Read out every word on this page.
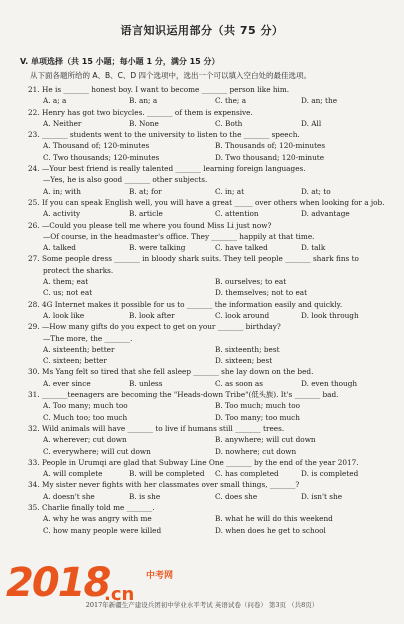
语言知识运用部分（共 75 分）
V. 单项选择（共 15 小题；每小题 1 分，满分 15 分）
从下面各题所给的 A、B、C、D 四个选项中，选出一个可以填入空白处的最佳选项。
21. He is _______ honest boy. I want to become _______ person like him.
A. a; a	B. an; a	C. the; a	D. an; the
22. Henry has got two bicycles. _______ of them is expensive.
A. Neither	B. None	C. Both	D. All
23. _______ students went to the university to listen to the _______ speech.
A. Thousand of; 120-minutes	B. Thousands of; 120-minutes
C. Two thousands; 120-minutes	D. Two thousand; 120-minute
24. —Your best friend is really talented _______ learning foreign languages.
—Yes, he is also good _______ other subjects.
A. in; with	B. at; for	C. in; at	D. at; to
25. If you can speak English well, you will have a great _____ over others when looking for a job.
A. activity	B. article	C. attention	D. advantage
26. —Could you please tell me where you found Miss Li just now?
—Of course, in the headmaster's office. They _______ happily at that time.
A. talked	B. were talking	C. have talked	D. talk
27. Some people dress _______ in bloody shark suits. They tell people _______ shark fins to
protect the sharks.
A. them; eat	B. ourselves; to eat
C. us; not eat	D. themselves; not to eat
28. 4G Internet makes it possible for us to _______ the information easily and quickly.
A. look like	B. look after	C. look around	D. look through
29. —How many gifts do you expect to get on your _______ birthday?
—The more, the _______.
A. sixteenth; better	B. sixteenth; best
C. sixteen; better	D. sixteen; best
30. Ms Yang felt so tired that she fell asleep _______ she lay down on the bed.
A. ever since	B. unless	C. as soon as	D. even though
31. _______teenagers are becoming the "Heads-down Tribe"(低头族). It's _______ bad.
A. Too many; much too	B. Too much; much too
C. Much too; too much	D. Too many; too much
32. Wild animals will have _______ to live if humans still _______ trees.
A. wherever; cut down	B. anywhere; will cut down
C. everywhere; will cut down	D. nowhere; cut down
33. People in Urumqi are glad that Subway Line One _______ by the end of the year 2017.
A. will complete	B. will be completed	C. has completed	D. is completed
34. My sister never fights with her classmates over small things, _______?
A. doesn't she	B. is she	C. does she	D. isn't she
35. Charlie finally told me _______.
A. why he was angry with me	B. what he will do this weekend
C. how many people were killed	D. when does he get to school
2017年新疆生产建设兵团初中学业水平考试 英语试卷（问卷） 第3页 （共8页）
2018
.cn
中考网
